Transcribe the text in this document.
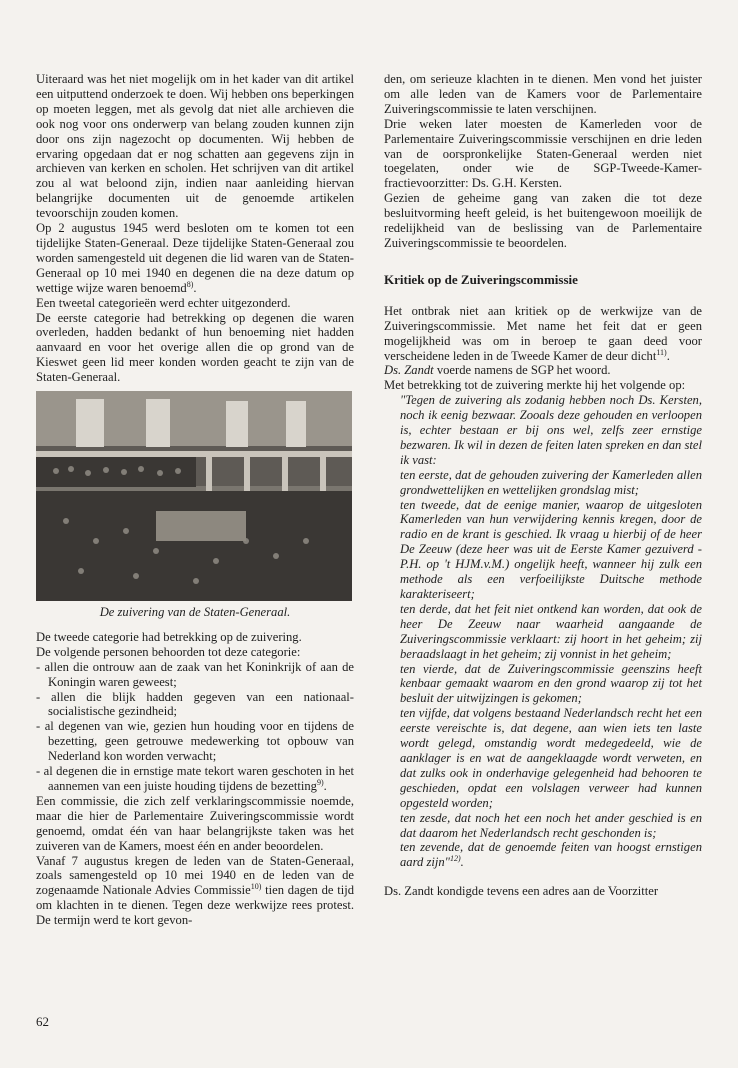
Uiteraard was het niet mogelijk om in het kader van dit artikel een uitputtend onderzoek te doen. Wij hebben ons beperkingen op moeten leggen, met als gevolg dat niet alle archieven die ook nog voor ons onderwerp van belang zouden kunnen zijn door ons zijn nagezocht op documenten. Wij hebben de ervaring opgedaan dat er nog schatten aan gegevens zijn in archieven van kerken en scholen. Het schrijven van dit artikel zou al wat beloond zijn, indien naar aanleiding hiervan belangrijke documenten uit de genoemde artikelen tevoorschijn zouden komen.

Op 2 augustus 1945 werd besloten om te komen tot een tijdelijke Staten-Generaal. Deze tijdelijke Staten-Generaal zou worden samengesteld uit degenen die lid waren van de Staten-Generaal op 10 mei 1940 en degenen die na deze datum op wettige wijze waren benoemd$^{8)}$.

Een tweetal categorieën werd echter uitgezonderd.

De eerste categorie had betrekking op degenen die waren overleden, hadden bedankt of hun benoeming niet hadden aanvaard en voor het overige allen die op grond van de Kieswet geen lid meer konden worden geacht te zijn van de Staten-Generaal.

De zuivering van de Staten-Generaal.

De tweede categorie had betrekking op de zuivering.

De volgende personen behoorden tot deze categorie:

- allen die ontrouw aan de zaak van het Koninkrijk of aan de Koningin waren geweest;
- allen die blijk hadden gegeven van een nationaal-socialistische gezindheid;
- al degenen van wie, gezien hun houding voor en tijdens de bezetting, geen getrouwe medewerking tot opbouw van Nederland kon worden verwacht;
- al degenen die in ernstige mate tekort waren geschoten in het aannemen van een juiste houding tijdens de bezetting$^{9)}$.

Een commissie, die zich zelf verklaringscommissie noemde, maar die hier de Parlementaire Zuiveringscommissie wordt genoemd, omdat één van haar belangrijkste taken was het zuiveren van de Kamers, moest één en ander beoordelen.

Vanaf 7 augustus kregen de leden van de Staten-Generaal, zoals samengesteld op 10 mei 1940 en de leden van de zogenaamde Nationale Advies Commissie$^{10)}$ tien dagen de tijd om klachten in te dienen. Tegen deze werkwijze rees protest. De termijn werd te kort gevon-

den, om serieuze klachten in te dienen. Men vond het juister om alle leden van de Kamers voor de Parlementaire Zuiveringscommissie te laten verschijnen.

Drie weken later moesten de Kamerleden voor de Parlementaire Zuiveringscommissie verschijnen en drie leden van de oorspronkelijke Staten-Generaal werden niet toegelaten, onder wie de SGP-Tweede-Kamer-fractievoorzitter: Ds. G.H. Kersten.

Gezien de geheime gang van zaken die tot deze besluitvorming heeft geleid, is het buitengewoon moeilijk de redelijkheid van de beslissing van de Parlementaire Zuiveringscommissie te beoordelen.

Kritiek op de Zuiveringscommissie

Het ontbrak niet aan kritiek op de werkwijze van de Zuiveringscommissie. Met name het feit dat er geen mogelijkheid was om in beroep te gaan deed voor verscheidene leden in de Tweede Kamer de deur dicht$^{11)}$.

Ds. Zandt voerde namens de SGP het woord.

Met betrekking tot de zuivering merkte hij het volgende op:

"Tegen de zuivering als zodanig hebben noch Ds. Kersten, noch ik eenig bezwaar. Zooals deze gehouden en verloopen is, echter bestaan er bij ons wel, zelfs zeer ernstige bezwaren. Ik wil in dezen de feiten laten spreken en dan stel ik vast:

ten eerste, dat de gehouden zuivering der Kamerleden allen grondwettelijken en wettelijken grondslag mist;

ten tweede, dat de eenige manier, waarop de uitgesloten Kamerleden van hun verwijdering kennis kregen, door de radio en de krant is geschied. Ik vraag u hierbij of de heer De Zeeuw (deze heer was uit de Eerste Kamer gezuiverd - P.H. op 't HJM.v.M.) ongelijk heeft, wanneer hij zulk een methode als een verfoeilijkste Duitsche methode karakteriseert;

ten derde, dat het feit niet ontkend kan worden, dat ook de heer De Zeeuw naar waarheid aangaande de Zuiveringscommissie verklaart: zij hoort in het geheim; zij beraadslaagt in het geheim; zij vonnist in het geheim;

ten vierde, dat de Zuiveringscommissie geenszins heeft kenbaar gemaakt waarom en den grond waarop zij tot het besluit der uitwijzingen is gekomen;

ten vijfde, dat volgens bestaand Nederlandsch recht het een eerste vereischte is, dat degene, aan wien iets ten laste wordt gelegd, omstandig wordt medegedeeld, wie de aanklager is en wat de aangeklaagde wordt verweten, en dat zulks ook in onderhavige gelegenheid had behooren te geschieden, opdat een volslagen verweer had kunnen opgesteld worden;

ten zesde, dat noch het een noch het ander geschied is en dat daarom het Nederlandsch recht geschonden is;

ten zevende, dat de genoemde feiten van hoogst ernstigen aard zijn"$^{12)}$.

Ds. Zandt kondigde tevens een adres aan de Voorzitter

62
